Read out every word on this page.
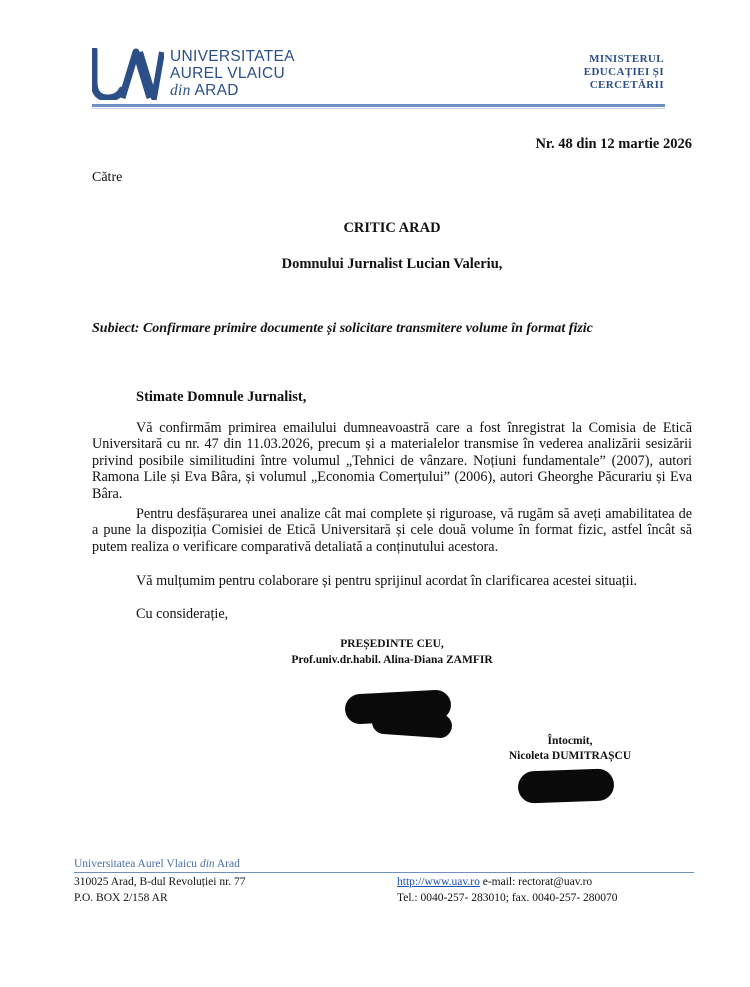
UNIVERSITATEA
AUREL VLAICU
din ARAD
MINISTERUL
EDUCAȚIEI ȘI
CERCETĂRII
Nr. 48 din 12 martie 2026
Către
CRITIC ARAD
Domnului Jurnalist Lucian Valeriu,
Subiect: Confirmare primire documente și solicitare transmitere volume în format fizic
Stimate Domnule Jurnalist,
Vă confirmăm primirea emailului dumneavoastră care a fost înregistrat la Comisia de Etică Universitară cu nr. 47 din 11.03.2026, precum și a materialelor transmise în vederea analizării sesizării privind posibile similitudini între volumul „Tehnici de vânzare. Noțiuni fundamentale” (2007), autori Ramona Lile și Eva Bâra, și volumul „Economia Comerțului” (2006), autori Gheorghe Păcurariu și Eva Bâra.
Pentru desfășurarea unei analize cât mai complete și riguroase, vă rugăm să aveți amabilitatea de a pune la dispoziția Comisiei de Etică Universitară și cele două volume în format fizic, astfel încât să putem realiza o verificare comparativă detaliată a conținutului acestora.
Vă mulțumim pentru colaborare și pentru sprijinul acordat în clarificarea acestei situații.
Cu considerație,
PREȘEDINTE CEU,
Prof.univ.dr.habil. Alina-Diana ZAMFIR
Întocmit,
Nicoleta DUMITRAȘCU
Universitatea Aurel Vlaicu din Arad
310025 Arad, B-dul Revoluției nr. 77
P.O. BOX 2/158 AR
http://www.uav.ro e-mail: rectorat@uav.ro
Tel.: 0040-257- 283010; fax. 0040-257- 280070
